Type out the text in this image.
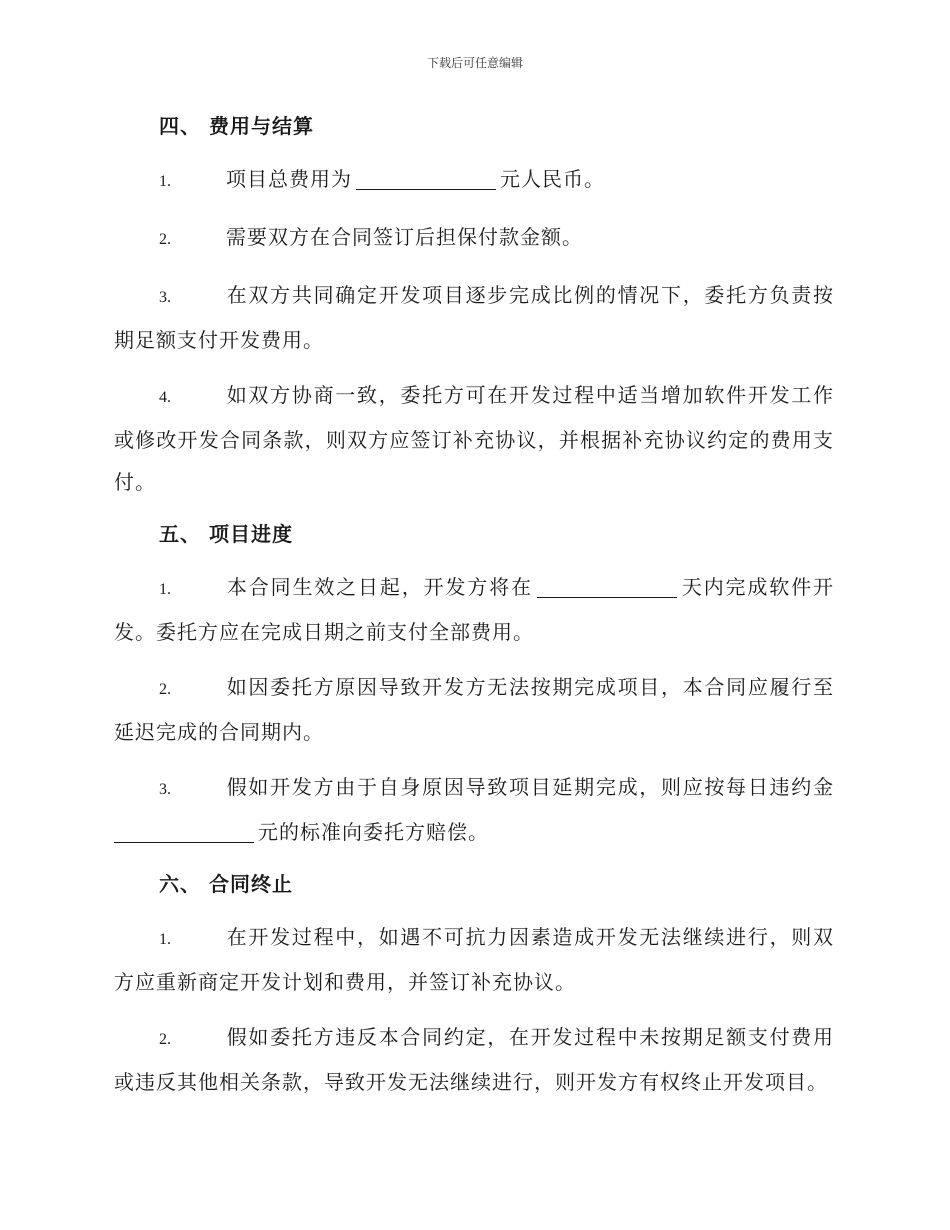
下载后可任意编辑
四、 费用与结算
1.	项目总费用为	元人民币。
2.	需要双方在合同签订后担保付款金额。
3.	在双方共同确定开发项目逐步完成比例的情况下，委托方负责按期足额支付开发费用。
4.	如双方协商一致，委托方可在开发过程中适当增加软件开发工作或修改开发合同条款，则双方应签订补充协议，并根据补充协议约定的费用支付。
五、 项目进度
1.	本合同生效之日起，开发方将在	天内完成软件开发。委托方应在完成日期之前支付全部费用。
2.	如因委托方原因导致开发方无法按期完成项目，本合同应履行至延迟完成的合同期内。
3.	假如开发方由于自身原因导致项目延期完成，则应按每日违约金元的标准向委托方赔偿。
六、 合同终止
1.	在开发过程中，如遇不可抗力因素造成开发无法继续进行，则双方应重新商定开发计划和费用，并签订补充协议。
2.	假如委托方违反本合同约定，在开发过程中未按期足额支付费用或违反其他相关条款，导致开发无法继续进行，则开发方有权终止开发项目。
